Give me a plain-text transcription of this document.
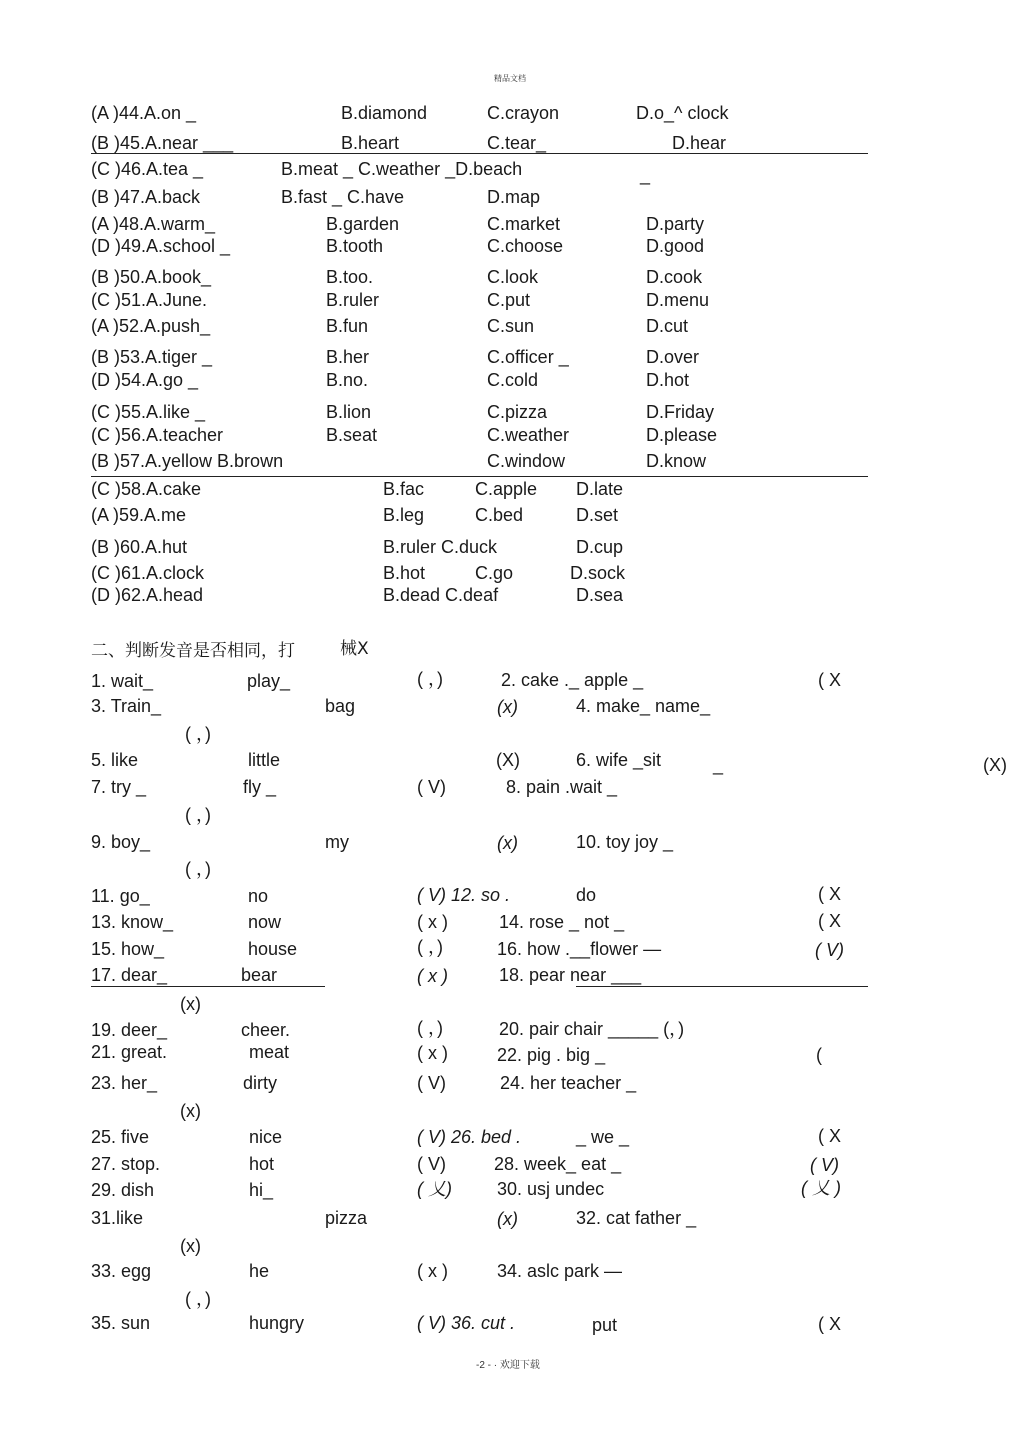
精品文档
(A )44.A.on _	B.diamond	C.crayon	D.o_^ clock
(B )45.A.near ___	B.heart	C.tear_	D.hear
(C )46.A.tea _	B.meat _ C.weather _D.beach	_
(B )47.A.back	B.fast _ C.have	D.map
(A )48.A.warm_	B.garden	C.market	D.party
(D )49.A.school _	B.tooth	C.choose	D.good
(B )50.A.book_	B.too.	C.look	D.cook
(C )51.A.June.	B.ruler	C.put	D.menu
(A )52.A.push_	B.fun	C.sun	D.cut
(B )53.A.tiger _	B.her	C.officer _	D.over
(D )54.A.go _	B.no.	C.cold	D.hot
(C )55.A.like _	B.lion	C.pizza	D.Friday
(C )56.A.teacher	B.seat	C.weather	D.please
(B )57.A.yellow B.brown	C.window	D.know
(C )58.A.cake	B.fac	C.apple D.late
(A )59.A.me	B.leg	C.bed	D.set
(B )60.A.hut	B.ruler C.duck	D.cup
(C )61.A.clock	B.hot	C.go	D.sock
(D )62.A.head	B.dead C.deaf	D.sea
二、判断发音是否相同，打	械X
1. wait_	play_	( ，)	2. cake ._ apple _	( X
3. Train_	bag	(x)	4. make_ name_
( ，)
5. like	little	(X)	6. wife _sit	_	(X)
7. try _	fly _	( V)	8. pain .wait _
( ，)
9. boy_	my	(x)	10. toy joy _
( ，)
11. go_	no	( V) 12. so .	do	( X
13. know_	now	( x )	14. rose _ not _	( X
15. how_	house	( ，)	16. how .__flower —	( V)
17. dear_	bear	( x )	18. pear near ___
(x)
19. deer_	cheer.	( ，)	20. pair chair _____ (，)
21. great.	meat	( x )	22. pig . big _	(
23. her_	dirty	( V)	24. her teacher _
(x)
25. five	nice	( V) 26. bed .	_ we _	( X
27. stop.	hot	( V)	28. week_ eat _	( V)
29. dish	hi_	( 乂)	30. usj undec	( 乂 )
31.like	pizza	(x)	32. cat father _
(x)
33. egg	he	( x )	34. aslc park —
( ，)
35. sun	hungry	( V) 36. cut .	put	( X
-2 - · 欢迎下载
